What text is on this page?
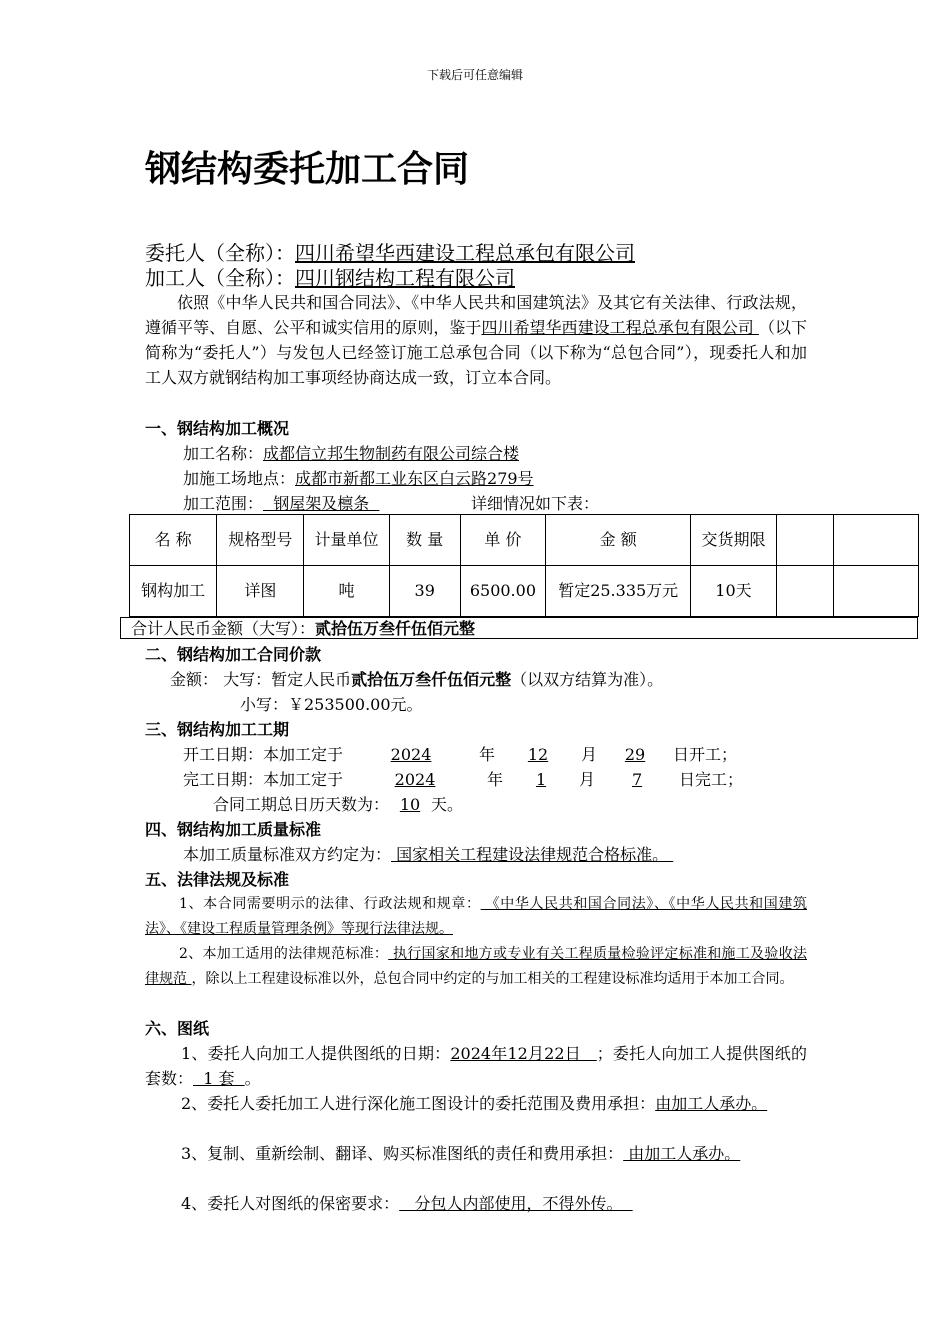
下载后可任意编辑
钢结构委托加工合同
委托人（全称）：四川希望华西建设工程总承包有限公司
加工人（全称）：四川钢结构工程有限公司
依照《中华人民共和国合同法》、《中华人民共和国建筑法》及其它有关法律、行政法规，遵循平等、自愿、公平和诚实信用的原则，鉴于四川希望华西建设工程总承包有限公司 （以下简称为“委托人”）与发包人已经签订施工总承包合同（以下称为“总包合同”），现委托人和加工人双方就钢结构加工事项经协商达成一致，订立本合同。
一、钢结构加工概况
加工名称：成都信立邦生物制药有限公司综合楼
加施工场地点：成都市新都工业东区白云路279号
加工范围：  钢屋架及檩条	详细情况如下表：
名 称	规格型号	计量单位	数 量	单 价	金 额	交货期限		
钢构加工	详图	吨	39	6500.00	暂定25.335万元	10天		
合计人民币金额（大写）：贰拾伍万叁仟伍佰元整
二、钢结构加工合同价款
金额： 大写：暂定人民币贰拾伍万叁仟伍佰元整（以双方结算为准）。
小写：￥253500.00元。
三、钢结构加工工期
开工日期：本加工定于	2024	年 12 月 29 日开工；
完工日期：本加工定于	2024	年 1 月 7 日完工；
合同工期总日历天数为： 10 天。
四、钢结构加工质量标准
本加工质量标准双方约定为： 国家相关工程建设法律规范合格标准。
五、法律法规及标准
1、本合同需要明示的法律、行政法规和规章： 《中华人民共和国合同法》、《中华人民共和国建筑法》、《建设工程质量管理条例》等现行法律法规。
2、本加工适用的法律规范标准： 执行国家和地方或专业有关工程质量检验评定标准和施工及验收法律规范 ，除以上工程建设标准以外，总包合同中约定的与加工相关的工程建设标准均适用于本加工合同。
六、图纸
1、委托人向加工人提供图纸的日期：2024年12月22日   ；委托人向加工人提供图纸的套数：  1 套  。
2、委托人委托加工人进行深化施工图设计的委托范围及费用承担：由加工人承办。
3、复制、重新绘制、翻译、购买标准图纸的责任和费用承担： 由加工人承办。
4、委托人对图纸的保密要求：   分包人内部使用，不得外传。
